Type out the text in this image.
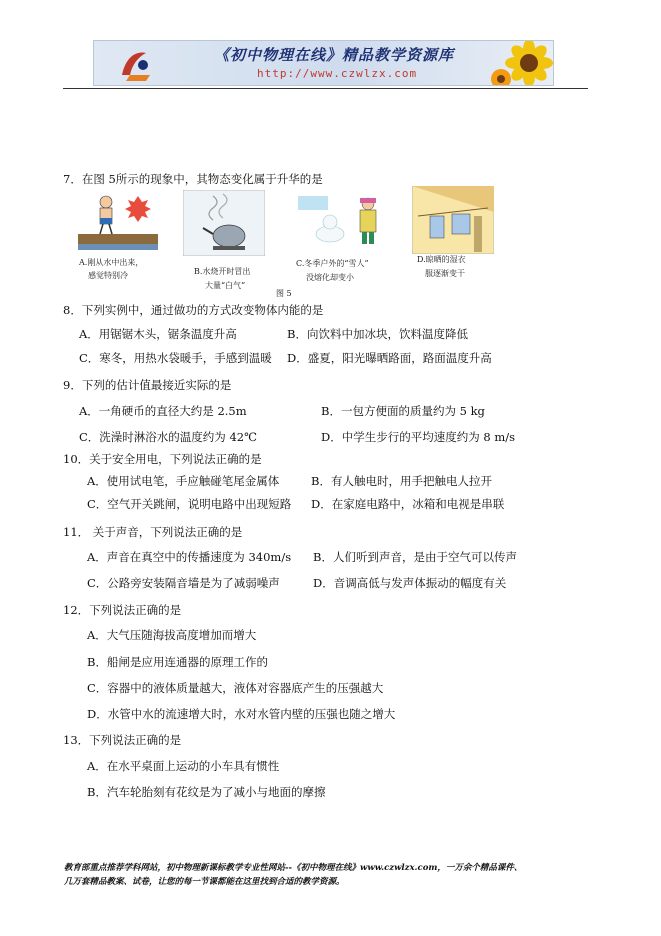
《初中物理在线》精品教学资源库
http://www.czwlzx.com
7．在图 5所示的现象中，其物态变化属于升华的是
A.刚从水中出来，
感觉特别冷	B.水烧开时冒出
大量“白气”
C.冬季户外的“雪人”
没熔化却变小
D.晾晒的湿衣
服逐渐变干
图 5
8．下列实例中，通过做功的方式改变物体内能的是
A．用锯锯木头，锯条温度升高	B．向饮料中加冰块，饮料温度降低
C．寒冬，用热水袋暖手，手感到温暖 D．盛夏，阳光曝晒路面，路面温度升高
9．下列的估计值最接近实际的是
A．一角硬币的直径大约是 2.5m	B．一包方便面的质量约为 5 kg
C．洗澡时淋浴水的温度约为 42℃	D．中学生步行的平均速度约为 8 m/s
10．关于安全用电，下列说法正确的是
A．使用试电笔，手应触碰笔尾金属体	B．有人触电时，用手把触电人拉开
C．空气开关跳闸，说明电路中出现短路 D．在家庭电路中，冰箱和电视是串联
11． 关于声音，下列说法正确的是
A．声音在真空中的传播速度为 340m/s B．人们听到声音，是由于空气可以传声
C．公路旁安装隔音墙是为了减弱噪声	D．音调高低与发声体振动的幅度有关
12．下列说法正确的是
A．大气压随海拔高度增加而增大
B．船闸是应用连通器的原理工作的
C．容器中的液体质量越大，液体对容器底产生的压强越大
D．水管中水的流速增大时，水对水管内壁的压强也随之增大
13．下列说法正确的是
A．在水平桌面上运动的小车具有惯性
B．汽车轮胎刻有花纹是为了减小与地面的摩擦
教育部重点推荐学科网站，初中物理新课标教学专业性网站--《初中物理在线》www.czwlzx.com，一万余个精品课件、
几万套精品教案、试卷，让您的每一节课都能在这里找到合适的教学资源。
